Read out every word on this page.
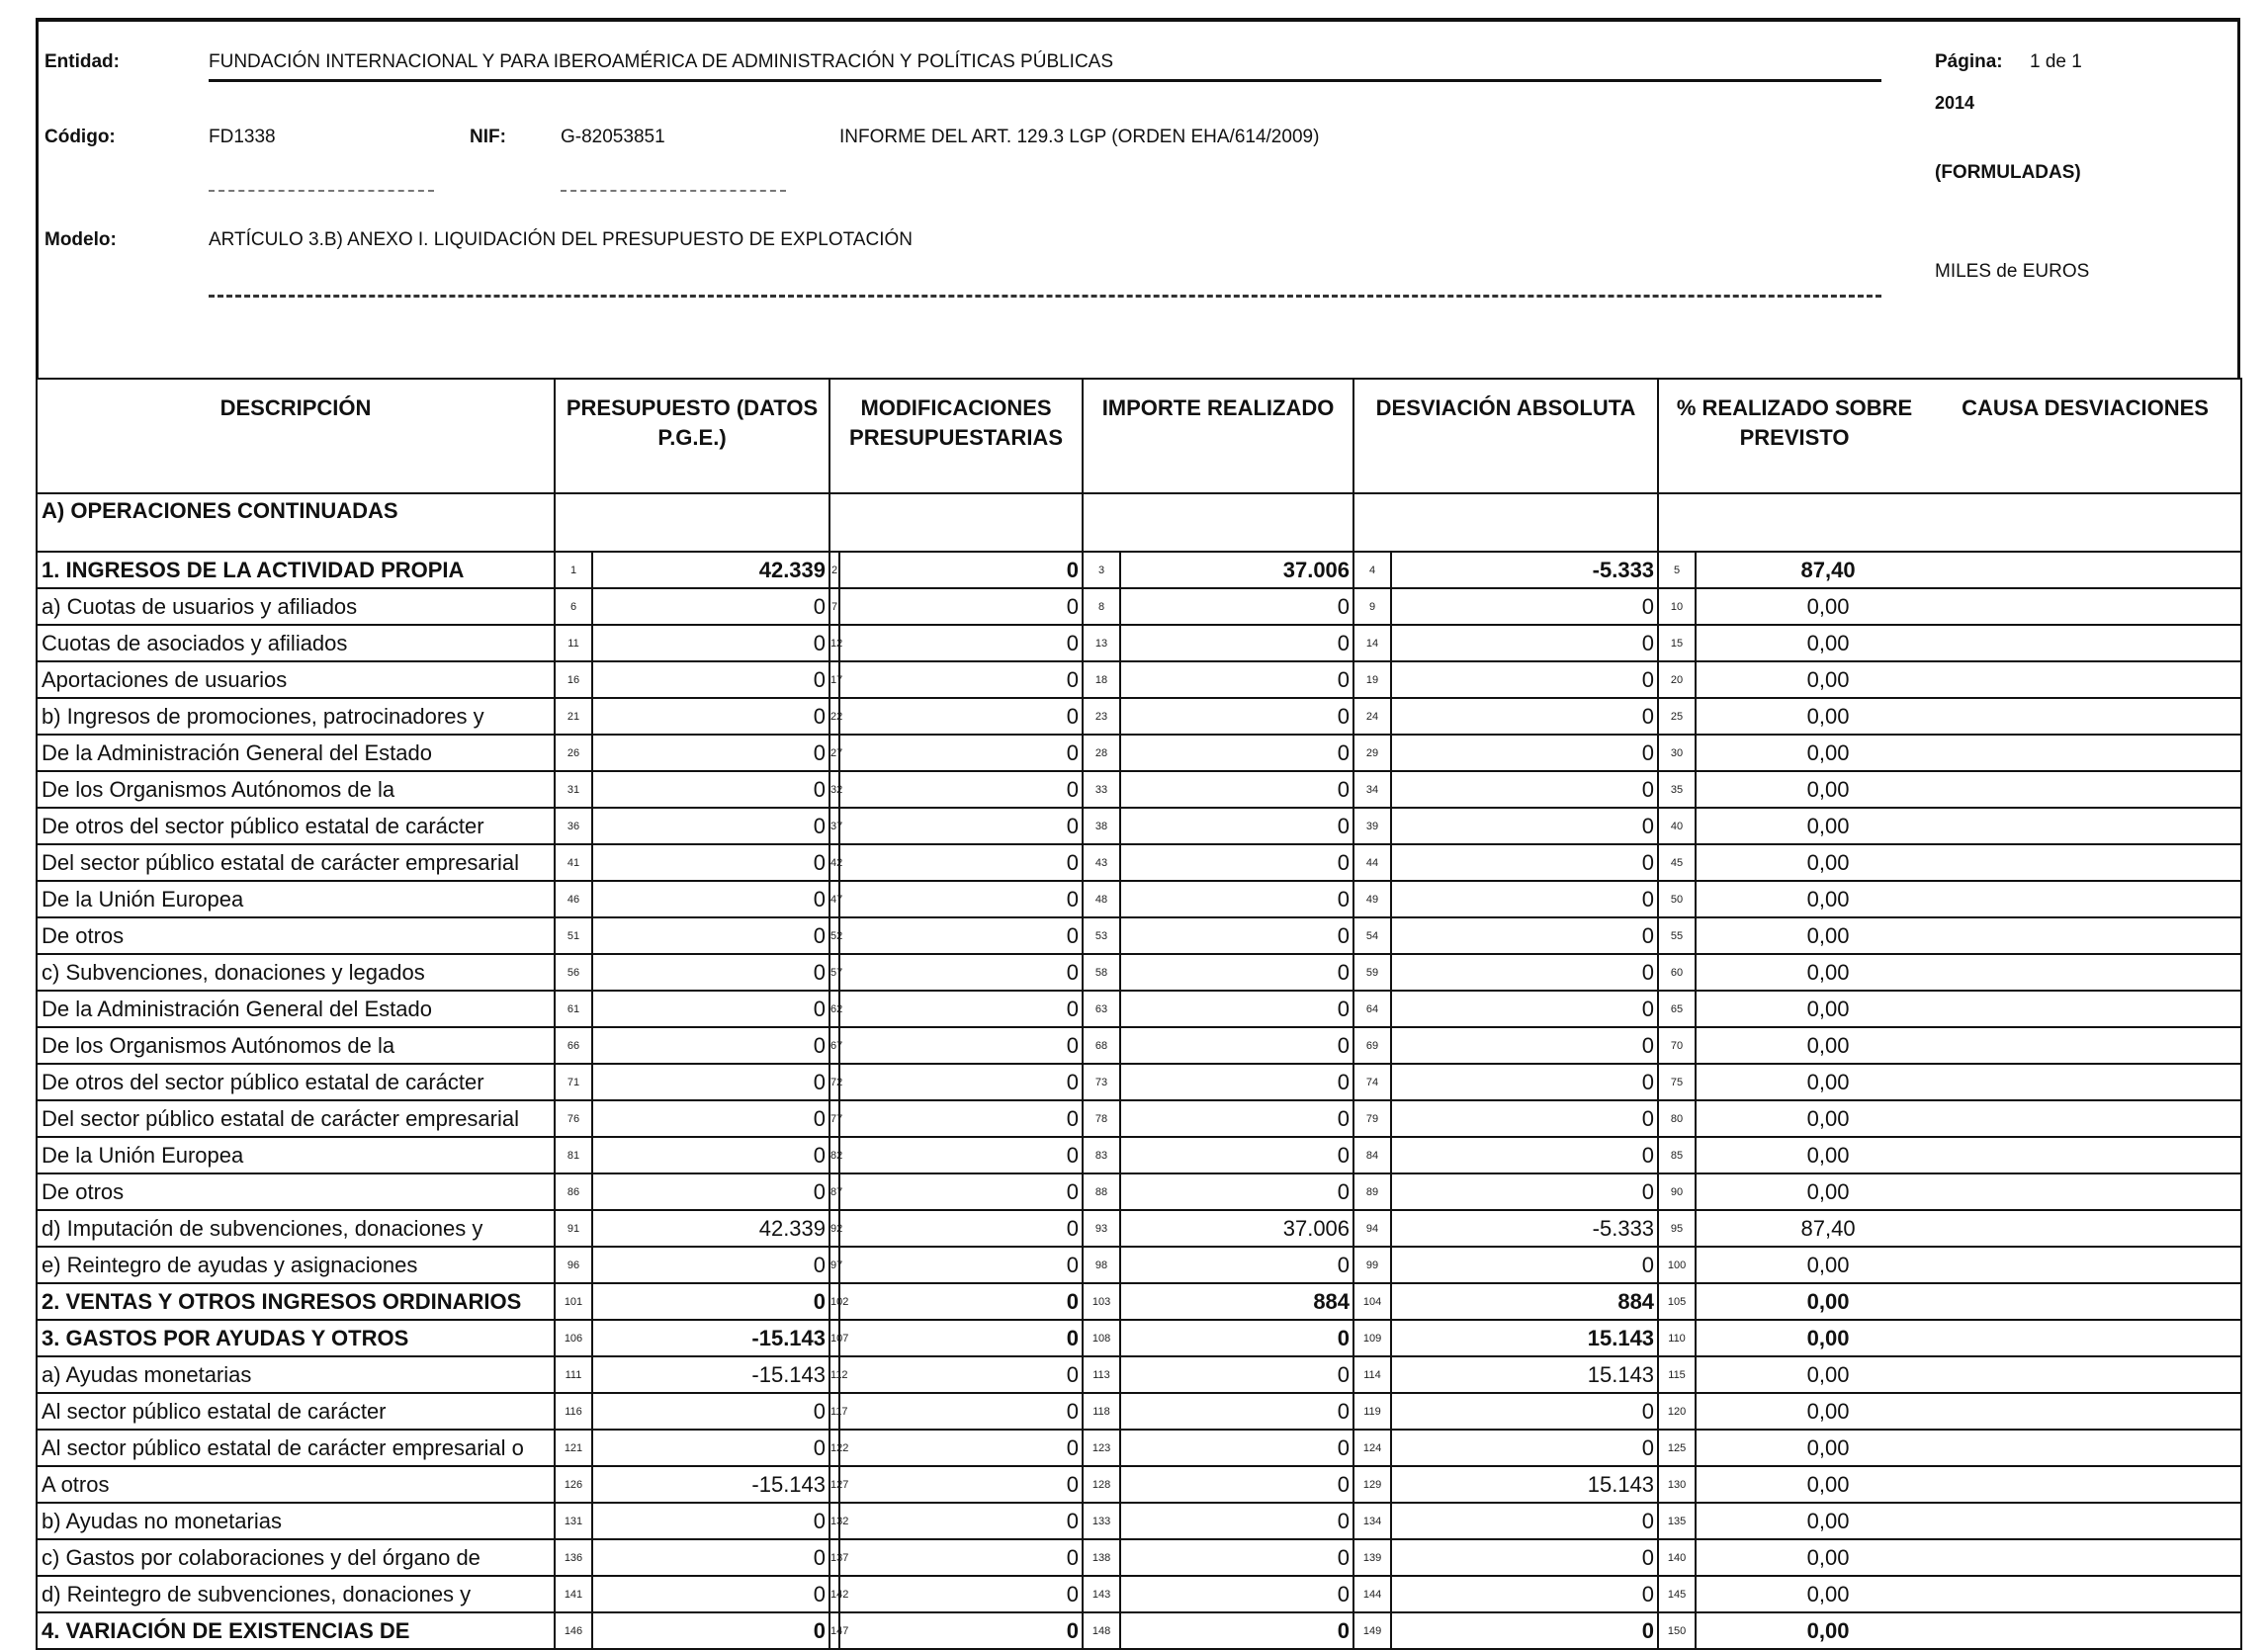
Entidad:	FUNDACIÓN INTERNACIONAL Y PARA IBEROAMÉRICA DE ADMINISTRACIÓN Y POLÍTICAS PÚBLICAS	Página: 1 de 1
2014
Código:	FD1338	NIF:	G-82053851	INFORME DEL ART. 129.3 LGP (ORDEN EHA/614/2009)
(FORMULADAS)
Modelo:	ARTÍCULO 3.B) ANEXO I. LIQUIDACIÓN DEL PRESUPUESTO DE EXPLOTACIÓN
MILES de EUROS
DESCRIPCIÓN	PRESUPUESTO (DATOS P.G.E.)		MODIFICACIONES PRESUPUESTARIAS		IMPORTE REALIZADO		DESVIACIÓN ABSOLUTA		% REALIZADO SOBRE PREVISTO		CAUSA DESVIACIONES
A) OPERACIONES CONTINUADAS											
1. INGRESOS DE LA ACTIVIDAD PROPIA	1	42.339	2	0	3	37.006	4	-5.333	5	87,40	
a) Cuotas de usuarios y afiliados	6	0	7	0	8	0	9	0	10	0,00	
Cuotas de asociados y afiliados	11	0	12	0	13	0	14	0	15	0,00	
Aportaciones de usuarios	16	0	17	0	18	0	19	0	20	0,00	
b) Ingresos de promociones, patrocinadores y	21	0	22	0	23	0	24	0	25	0,00	
De la Administración General del Estado	26	0	27	0	28	0	29	0	30	0,00	
De los Organismos Autónomos de la	31	0	32	0	33	0	34	0	35	0,00	
De otros del sector público estatal de carácter	36	0	37	0	38	0	39	0	40	0,00	
Del sector público estatal de carácter empresarial	41	0	42	0	43	0	44	0	45	0,00	
De la Unión Europea	46	0	47	0	48	0	49	0	50	0,00	
De otros	51	0	52	0	53	0	54	0	55	0,00	
c) Subvenciones, donaciones y legados	56	0	57	0	58	0	59	0	60	0,00	
De la Administración General del Estado	61	0	62	0	63	0	64	0	65	0,00	
De los Organismos Autónomos de la	66	0	67	0	68	0	69	0	70	0,00	
De otros del sector público estatal de carácter	71	0	72	0	73	0	74	0	75	0,00	
Del sector público estatal de carácter empresarial	76	0	77	0	78	0	79	0	80	0,00	
De la Unión Europea	81	0	82	0	83	0	84	0	85	0,00	
De otros	86	0	87	0	88	0	89	0	90	0,00	
d) Imputación de subvenciones, donaciones y	91	42.339	92	0	93	37.006	94	-5.333	95	87,40	
e) Reintegro de ayudas y asignaciones	96	0	97	0	98	0	99	0	100	0,00	
2. VENTAS Y OTROS INGRESOS ORDINARIOS	101	0	102	0	103	884	104	884	105	0,00	
3. GASTOS POR AYUDAS Y OTROS	106	-15.143	107	0	108	0	109	15.143	110	0,00	
a) Ayudas monetarias	111	-15.143	112	0	113	0	114	15.143	115	0,00	
Al sector público estatal de carácter	116	0	117	0	118	0	119	0	120	0,00	
Al sector público estatal de carácter empresarial o	121	0	122	0	123	0	124	0	125	0,00	
A otros	126	-15.143	127	0	128	0	129	15.143	130	0,00	
b) Ayudas no monetarias	131	0	132	0	133	0	134	0	135	0,00	
c) Gastos por colaboraciones y del órgano de	136	0	137	0	138	0	139	0	140	0,00	
d) Reintegro de subvenciones, donaciones y	141	0	142	0	143	0	144	0	145	0,00	
4. VARIACIÓN DE EXISTENCIAS DE	146	0	147	0	148	0	149	0	150	0,00	
